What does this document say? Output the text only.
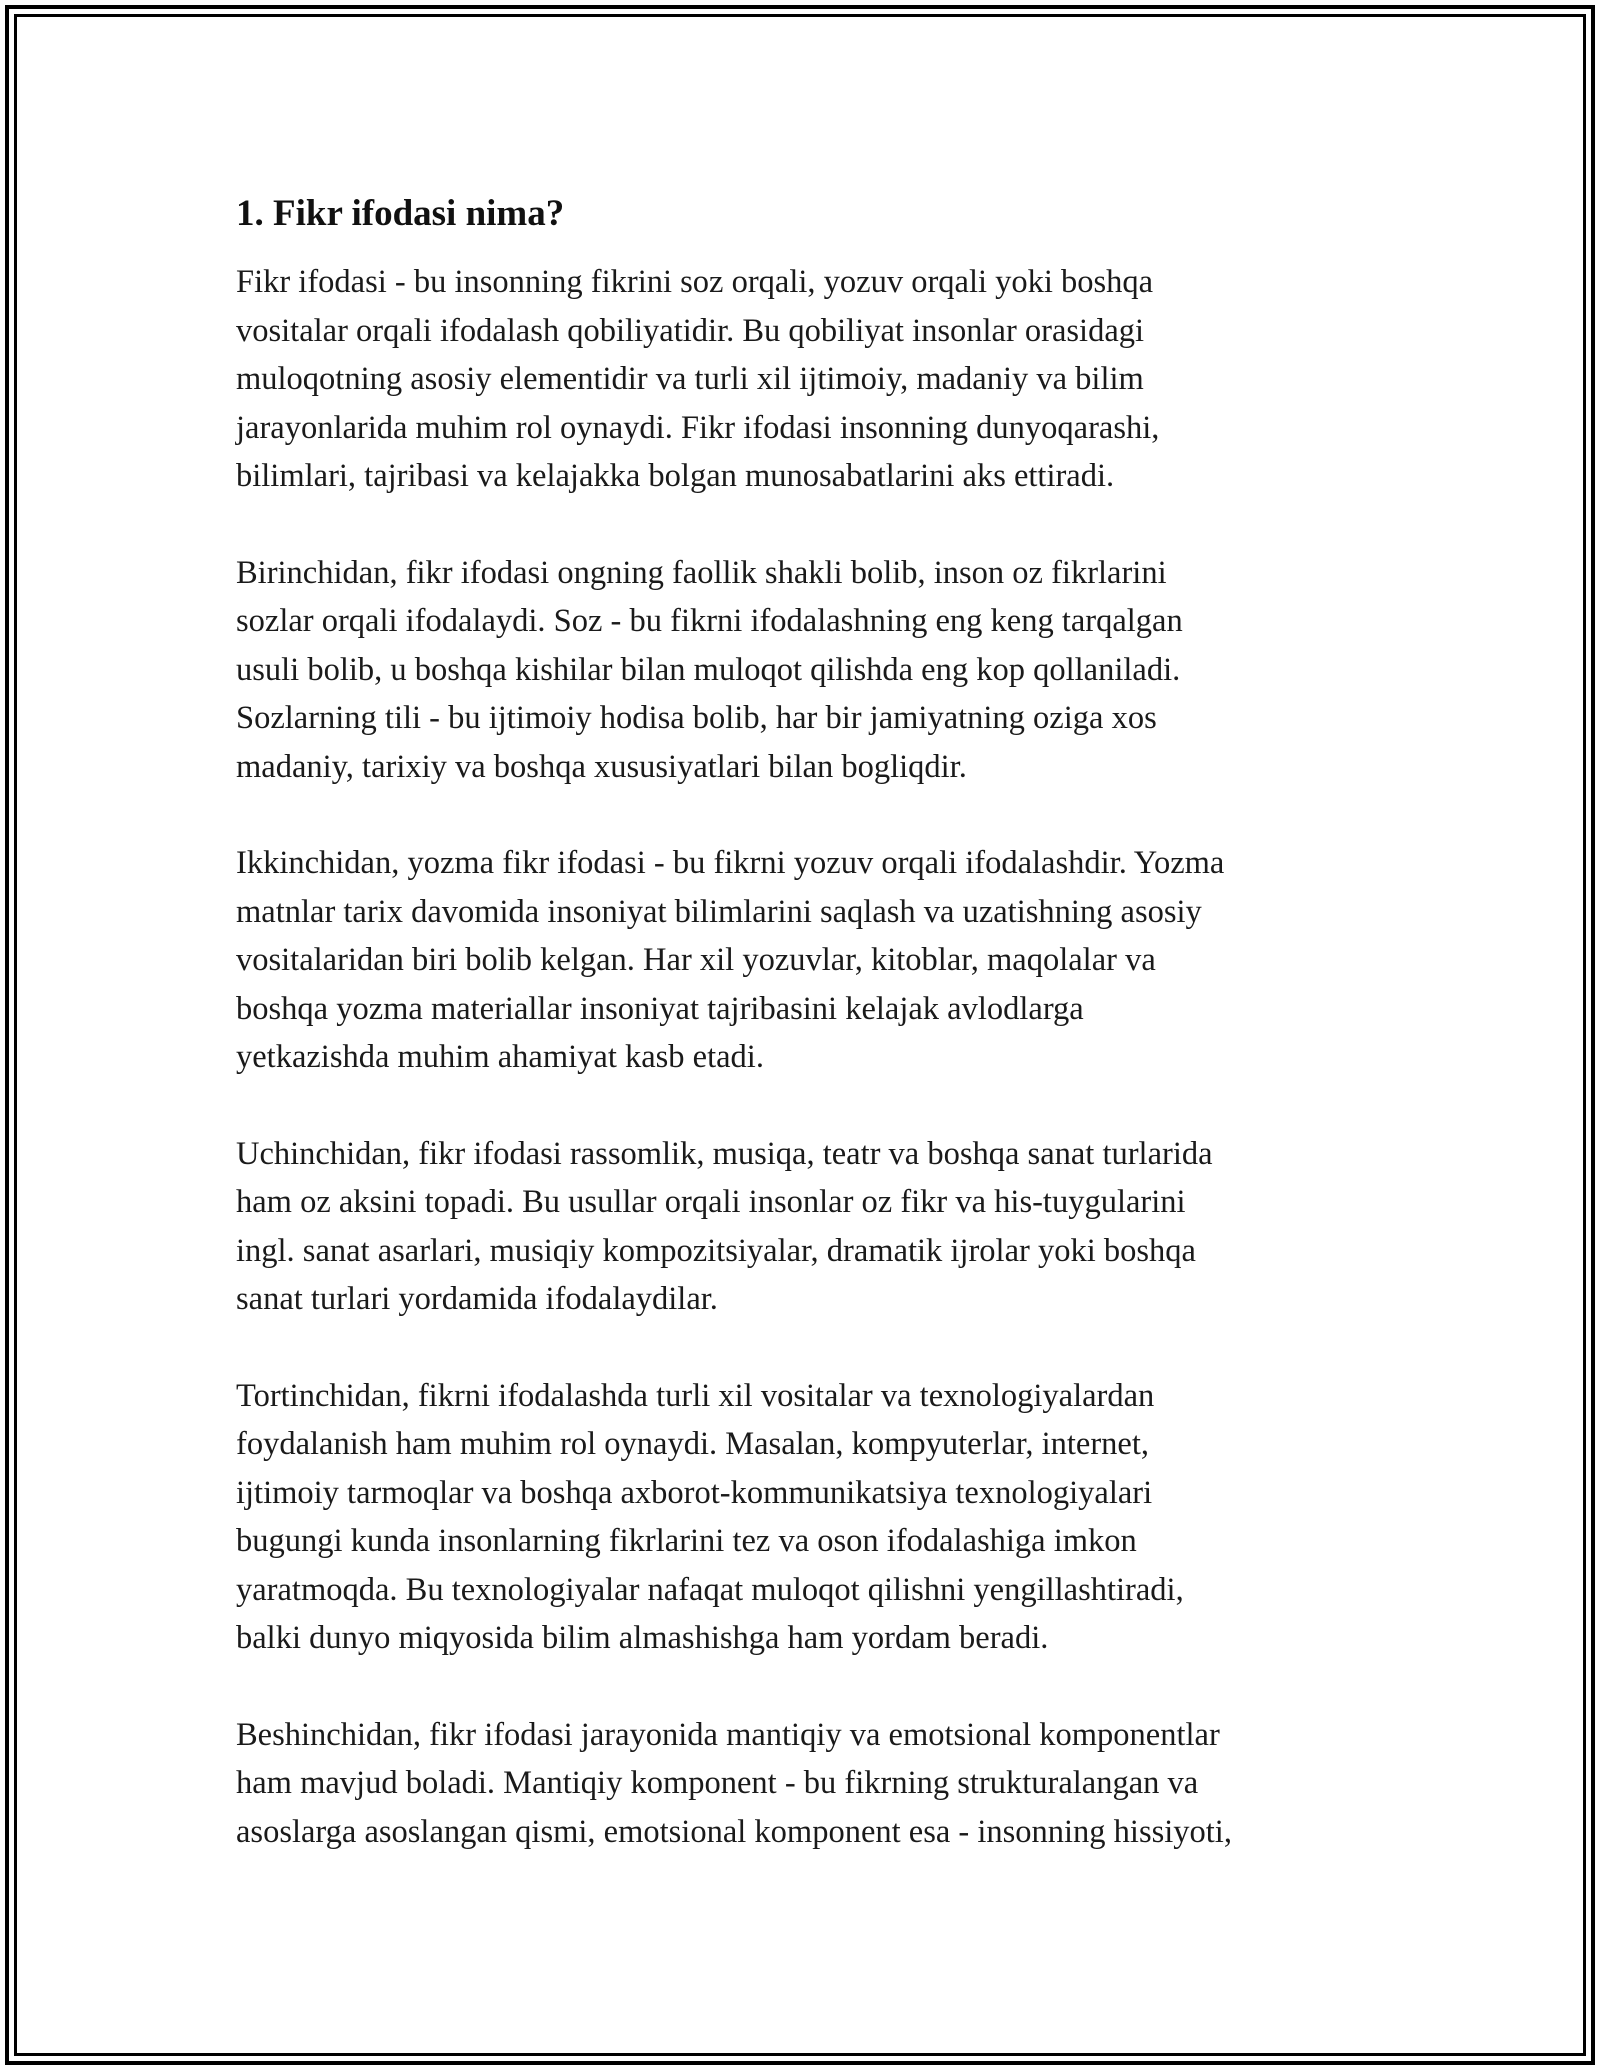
1. Fikr ifodasi nima?

Fikr ifodasi - bu insonning fikrini soz orqali, yozuv orqali yoki boshqa
vositalar orqali ifodalash qobiliyatidir. Bu qobiliyat insonlar orasidagi
muloqotning asosiy elementidir va turli xil ijtimoiy, madaniy va bilim
jarayonlarida muhim rol oynaydi. Fikr ifodasi insonning dunyoqarashi,
bilimlari, tajribasi va kelajakka bolgan munosabatlarini aks ettiradi.

Birinchidan, fikr ifodasi ongning faollik shakli bolib, inson oz fikrlarini
sozlar orqali ifodalaydi. Soz - bu fikrni ifodalashning eng keng tarqalgan
usuli bolib, u boshqa kishilar bilan muloqot qilishda eng kop qollaniladi.
Sozlarning tili - bu ijtimoiy hodisa bolib, har bir jamiyatning oziga xos
madaniy, tarixiy va boshqa xususiyatlari bilan bogliqdir.

Ikkinchidan, yozma fikr ifodasi - bu fikrni yozuv orqali ifodalashdir. Yozma
matnlar tarix davomida insoniyat bilimlarini saqlash va uzatishning asosiy
vositalaridan biri bolib kelgan. Har xil yozuvlar, kitoblar, maqolalar va
boshqa yozma materiallar insoniyat tajribasini kelajak avlodlarga
yetkazishda muhim ahamiyat kasb etadi.

Uchinchidan, fikr ifodasi rassomlik, musiqa, teatr va boshqa sanat turlarida
ham oz aksini topadi. Bu usullar orqali insonlar oz fikr va his-tuygularini
ingl. sanat asarlari, musiqiy kompozitsiyalar, dramatik ijrolar yoki boshqa
sanat turlari yordamida ifodalaydilar.

Tortinchidan, fikrni ifodalashda turli xil vositalar va texnologiyalardan
foydalanish ham muhim rol oynaydi. Masalan, kompyuterlar, internet,
ijtimoiy tarmoqlar va boshqa axborot-kommunikatsiya texnologiyalari
bugungi kunda insonlarning fikrlarini tez va oson ifodalashiga imkon
yaratmoqda. Bu texnologiyalar nafaqat muloqot qilishni yengillashtiradi,
balki dunyo miqyosida bilim almashishga ham yordam beradi.

Beshinchidan, fikr ifodasi jarayonida mantiqiy va emotsional komponentlar
ham mavjud boladi. Mantiqiy komponent - bu fikrning strukturalangan va
asoslarga asoslangan qismi, emotsional komponent esa - insonning hissiyoti,
